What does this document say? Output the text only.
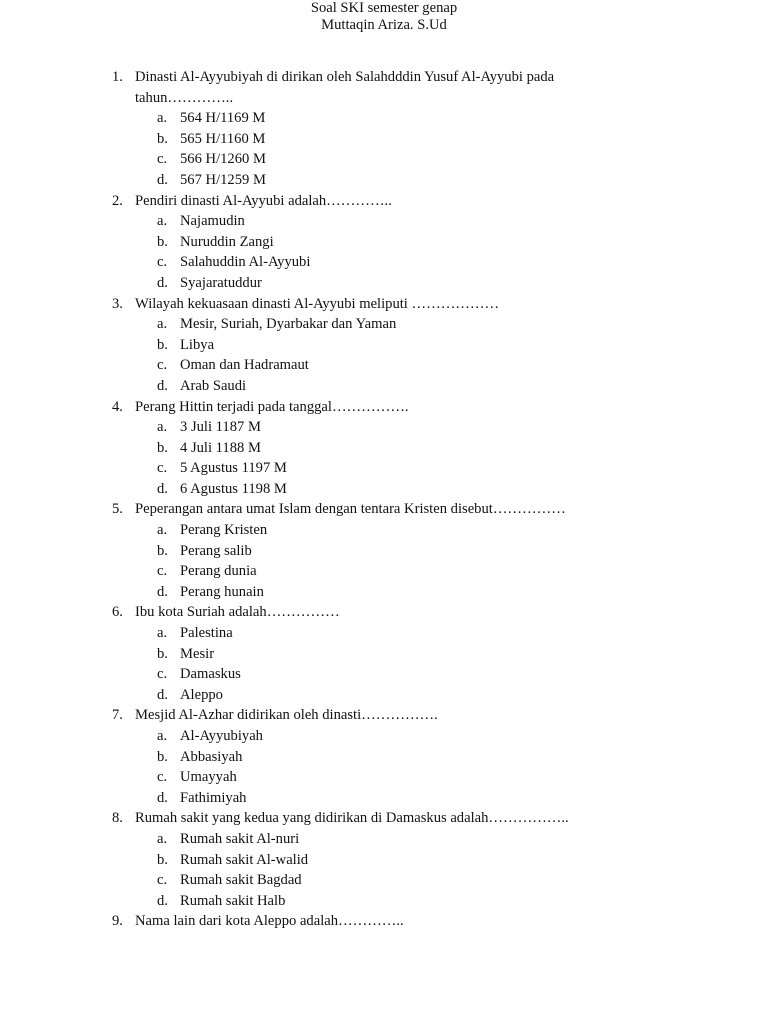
Soal SKI semester genap
Muttaqin Ariza. S.Ud
1. Dinasti Al-Ayyubiyah di dirikan oleh Salahdddin Yusuf Al-Ayyubi pada tahun…………..
a. 564 H/1169 M
b. 565 H/1160 M
c. 566 H/1260 M
d. 567 H/1259 M
2. Pendiri dinasti Al-Ayyubi adalah…………..
a. Najamudin
b. Nuruddin Zangi
c. Salahuddin Al-Ayyubi
d. Syajaratuddur
3. Wilayah kekuasaan dinasti Al-Ayyubi meliputi ………………
a. Mesir, Suriah, Dyarbakar dan Yaman
b. Libya
c. Oman dan Hadramaut
d. Arab Saudi
4. Perang Hittin terjadi pada tanggal…………….
a. 3 Juli 1187 M
b. 4 Juli 1188 M
c. 5 Agustus 1197 M
d. 6 Agustus 1198 M
5. Peperangan antara umat Islam dengan tentara Kristen disebut……………
a. Perang Kristen
b. Perang salib
c. Perang dunia
d. Perang hunain
6. Ibu kota Suriah adalah……………
a. Palestina
b. Mesir
c. Damaskus
d. Aleppo
7. Mesjid Al-Azhar didirikan oleh dinasti…………….
a. Al-Ayyubiyah
b. Abbasiyah
c. Umayyah
d. Fathimiyah
8. Rumah sakit yang kedua yang didirikan di Damaskus adalah……………..
a. Rumah sakit Al-nuri
b. Rumah sakit Al-walid
c. Rumah sakit Bagdad
d. Rumah sakit Halb
9. Nama lain dari kota Aleppo adalah…………..
